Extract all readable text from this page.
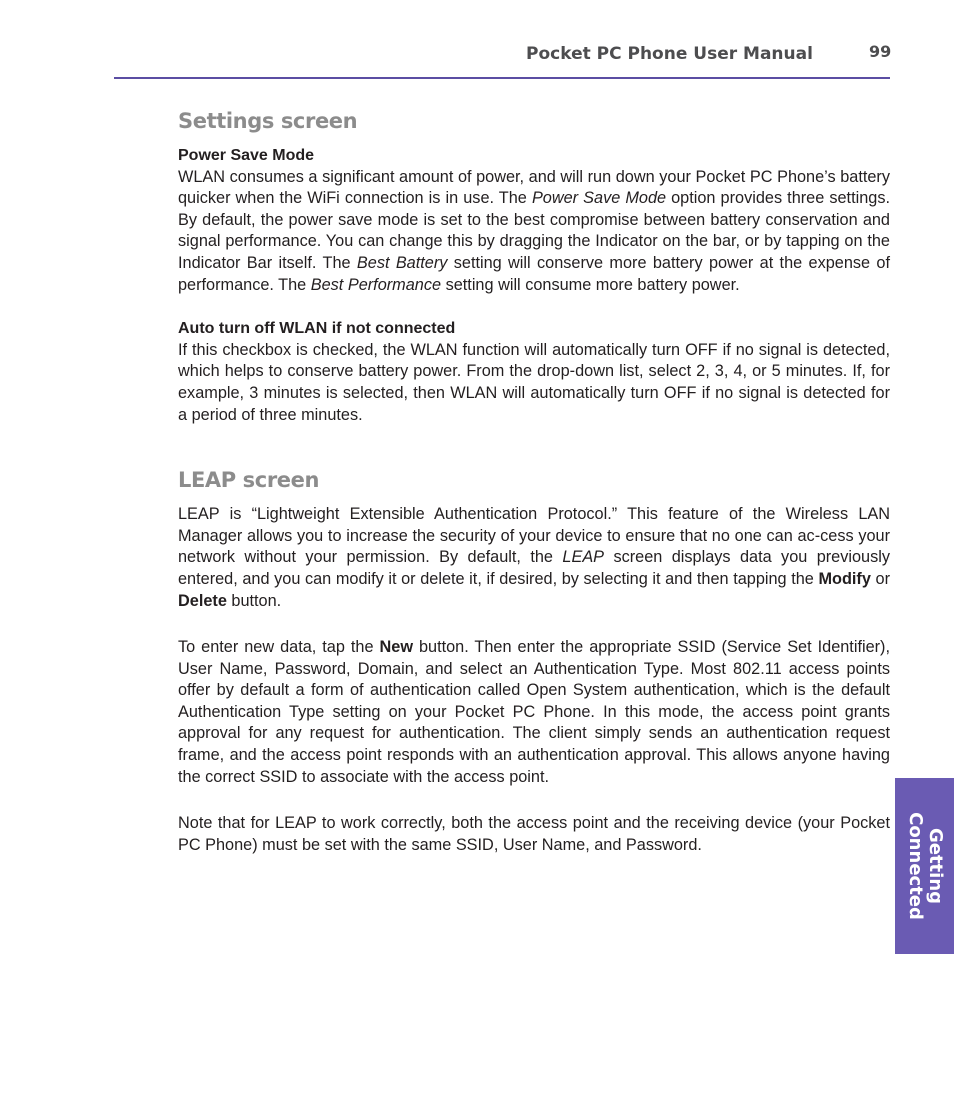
Pocket PC Phone User Manual	99
Settings screen
Power Save Mode

WLAN consumes a significant amount of power, and will run down your Pocket PC Phone’s battery quicker when the WiFi connection is in use. The Power Save Mode option provides three settings. By default, the power save mode is set to the best compromise between battery conservation and signal performance. You can change this by dragging the Indicator on the bar, or by tapping on the Indicator Bar itself. The Best Battery setting will conserve more battery power at the expense of performance. The Best Performance setting will consume more battery power.

Auto turn off WLAN if not connected

If this checkbox is checked, the WLAN function will automatically turn OFF if no signal is detected, which helps to conserve battery power. From the drop-down list, select 2, 3, 4, or 5 minutes. If, for example, 3 minutes is selected, then WLAN will automatically turn OFF if no signal is detected for a period of three minutes.

LEAP screen

LEAP is “Lightweight Extensible Authentication Protocol.” This feature of the Wireless LAN Manager allows you to increase the security of your device to ensure that no one can ac-cess your network without your permission. By default, the LEAP screen displays data you previously entered, and you can modify it or delete it, if desired, by selecting it and then tapping the Modify or Delete button.

To enter new data, tap the New button. Then enter the appropriate SSID (Service Set Identifier), User Name, Password, Domain, and select an Authentication Type. Most 802.11 access points offer by default a form of authentication called Open System authentication, which is the default Authentication Type setting on your Pocket PC Phone. In this mode, the access point grants approval for any request for authentication. The client simply sends an authentication request frame, and the access point responds with an authentication approval. This allows anyone having the correct SSID to associate with the access point.

Note that for LEAP to work correctly, both the access point and the receiving device (your Pocket PC Phone) must be set with the same SSID, User Name, and Password.	Getting
Connected
